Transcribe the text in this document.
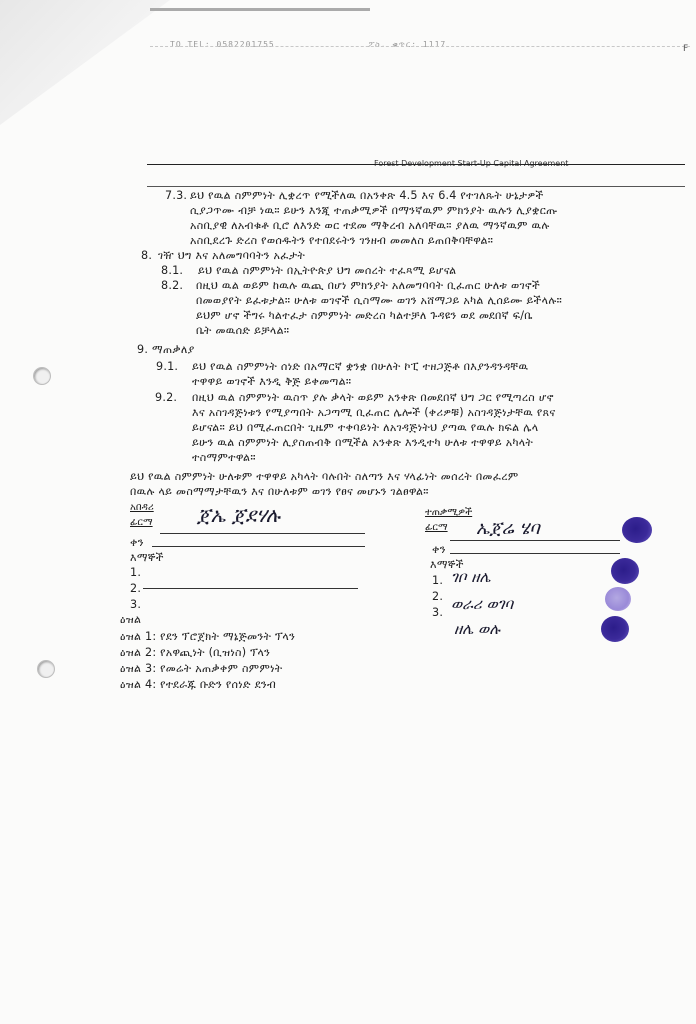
TO TEL: 0582201755	ፖስ. ቁጥር: 1117	F
Forest Development Start-Up Capital Agreement
7.3. ይህ የዉል ስምምነት ሊቋረጥ የሚችለዉ በአንቀጽ 4.5 እና 6.4 የተገለጹት ሁኔታዎች
ሲያጋጥሙ ብቻ ነዉ። ይሁን እንጂ ተጠቃሚዎች በማንኛዉም ምክንያት ዉሉን ሊያቋርጡ
አስቢያዊ ለአብቁቶ ቢሮ ለእንድ ወር ተደመ ማቅረብ አለባቸዉ። ያለዉ ማንኛዉም ዉሉ
አስቢደረጉ ድረስ የወሰዱትን የተበደሩትን ገንዘብ መመለስ ይጠበቅባቸዋል።
8. ገዥ ህግ እና አለመግባባትን አፈታት
8.1. ይህ የዉል ስምምነት በኢትዮጵያ ህግ መሰረት ተፈጻሚ ይሆናል
8.2. በዚህ ዉል ወይም ከዉሉ ዉጪ በሆነ ምክንያት አለመግባባት ቢፈጠር ሁለቱ ወገኖች
በመወያየት ይፈቱታል። ሁለቱ ወገኖች ሲስማሙ ወገን አሸማጋይ አካል ሊሰይሙ ይችላሉ።
ይህም ሆኖ ችግሩ ካልተፈታ ስምምነት መድረስ ካልተቻለ ጉዳዩን ወደ መደበኛ ፍ/ቤ
ቤት መዉሰድ ይቻላል።
9. ማጠቃለያ
9.1. ይህ የዉል ስምምነት ሰነድ በአማርኛ ቋንቋ በሁለት ኮፒ ተዘጋጅቶ በእያንዳንዳቸዉ
ተዋዋይ ወገኖች እንዲ ቅጅ ይቀመጣል።
9.2. በዚህ ዉል ስምምነት ዉስጥ ያሉ ቃላት ወይም አንቀጽ በመደበኛ ህግ ጋር የሚጣረስ ሆኖ
እና አስገዳጅነቱን የሚያጣበት አጋጣሚ ቢፈጠር ሌሎች (ቀሪዎቹ) አስገዳጅነታቸዉ የጸና
ይሆናል። ይህ በሚፈጠርበት ጊዜም ተቀባይነት ለአገዳጅነትህ ያጣዉ የዉሉ ክፍል ሌላ
ይሁን ዉል ስምምነት ሊያስጠብቅ በሚችል አንቀጽ እንዲተካ ሁለቱ ተዋዋይ አካላት
ተስማምተዋል።
ይህ የዉል ስምምነት ሁለቱም ተዋዋይ አካላት ባሉበት ስለጣን እና ሃላፊነት መሰረት በመፈረም
በዉሉ ላይ መስማማታቸዉን እና በሁለቱም ወገን የፀና መሆኑን ገልፀዋል።
አበዳሪ
ፊርማ ጀኤ ጀደሃሉ
ቀን
እማኞች
1.
2.
3.
ተጠቃሚዎች
ፊርማ ኤጀሬ ሄባ
ቀን
እማኞች
1.
2.
3.
ገቦ ዘሌ
ወራሪ ወገባ
ዘሌ ወሉ
ዕዝል
ዕዝል 1: የደን ፕሮጀክት ማኔጅመንት ፕላን
ዕዝል 2: የአዋጪነት (ቢዝነስ) ፕላን
ዕዝል 3: የመሬት አጠቃቀም ስምምነት
ዕዝል 4: የተደራጁ ቡድን የሰነድ ደንብ
